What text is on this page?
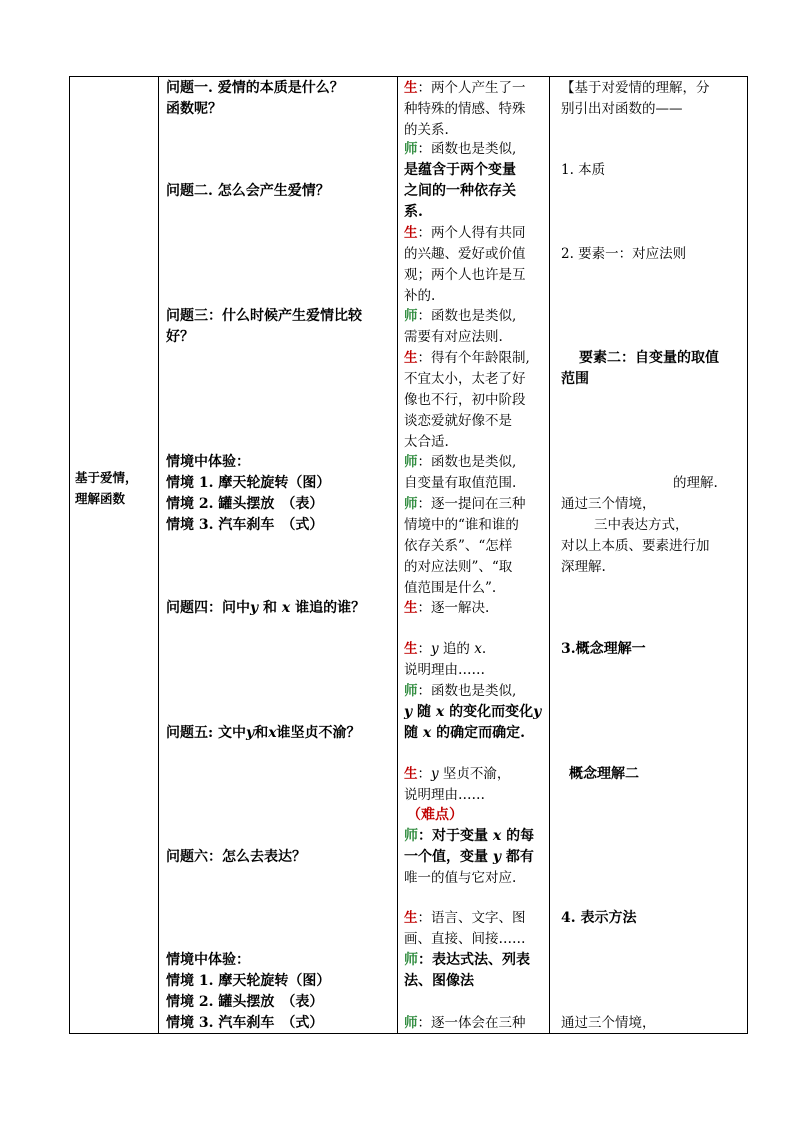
基于爱情，
理解函数
问题一. 爱情的本质是什么？
函数呢？
问题二. 怎么会产生爱情？
问题三：什么时候产生爱情比较
好？
情境中体验：
情境 1. 摩天轮旋转（图）
情境 2. 罐头摆放　（表）
情境 3. 汽车刹车　（式）
问题四：问中y 和 x 谁追的谁？
问题五: 文中y和x谁坚贞不渝？
问题六：怎么去表达？
情境中体验：
情境 1. 摩天轮旋转（图）
情境 2. 罐头摆放　（表）
情境 3. 汽车刹车　（式）
生：两个人产生了一
种特殊的情感、特殊
的关系.
师：函数也是类似,
是蕴含于两个变量
之间的一种依存关
系.
生：两个人得有共同
的兴趣、爱好或价值
观；两个人也许是互
补的.
师：函数也是类似,
需要有对应法则.
生：得有个年龄限制,
不宜太小，太老了好
像也不行，初中阶段
谈恋爱就好像不是
太合适.
师：函数也是类似,
自变量有取值范围.
师：逐一提问在三种
情境中的“谁和谁的
依存关系”、“怎样
的对应法则”、“取
值范围是什么”.
生：逐一解决.
生：y 追的 x.
说明理由……
师：函数也是类似,
y 随 x 的变化而变化y
随 x 的确定而确定.
生：y 坚贞不渝，
说明理由……
（难点）
师：对于变量 x 的每
一个值，变量 y 都有
唯一的值与它对应.
生：语言、文字、图
画、直接、间接……
师：表达式法、列表
法、图像法
师：逐一体会在三种
【基于对爱情的理解，分
别引出对函数的——
1. 本质
2. 要素一：对应法则
要素二：自变量的取值
范围
的理解.
通过三个情境，
三中表达方式，
对以上本质、要素进行加
深理解.
3.概念理解一
概念理解二
4. 表示方法
通过三个情境，
